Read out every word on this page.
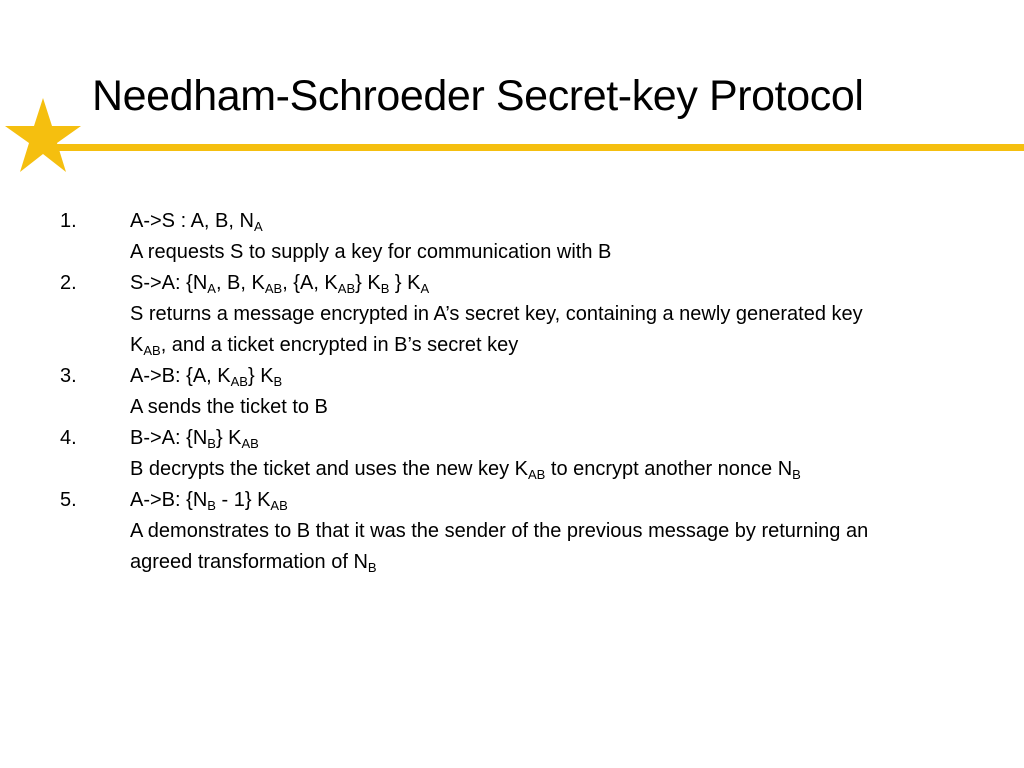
Needham-Schroeder Secret-key Protocol
1.	A->S : A, B, $N_A$
A requests S to supply a key for communication with B
2.	S->A: {$N_A$, B, $K_{AB}$, {A, $K_{AB}$} $K_B$ } $K_A$
S returns a message encrypted in A’s secret key, containing a newly generated key $K_{AB}$, and a ticket encrypted in B’s secret key
3.	A->B: {A, $K_{AB}$} $K_B$
A sends the ticket to B
4.	B->A: $\{N_B\}$ $K_{AB}$
B decrypts the ticket and uses the new key $K_{AB}$ to encrypt another nonce $N_B$
5.	A->B: $\{N_B - 1\}$ $K_{AB}$
A demonstrates to B that it was the sender of the previous message by returning an agreed transformation of $N_B$
